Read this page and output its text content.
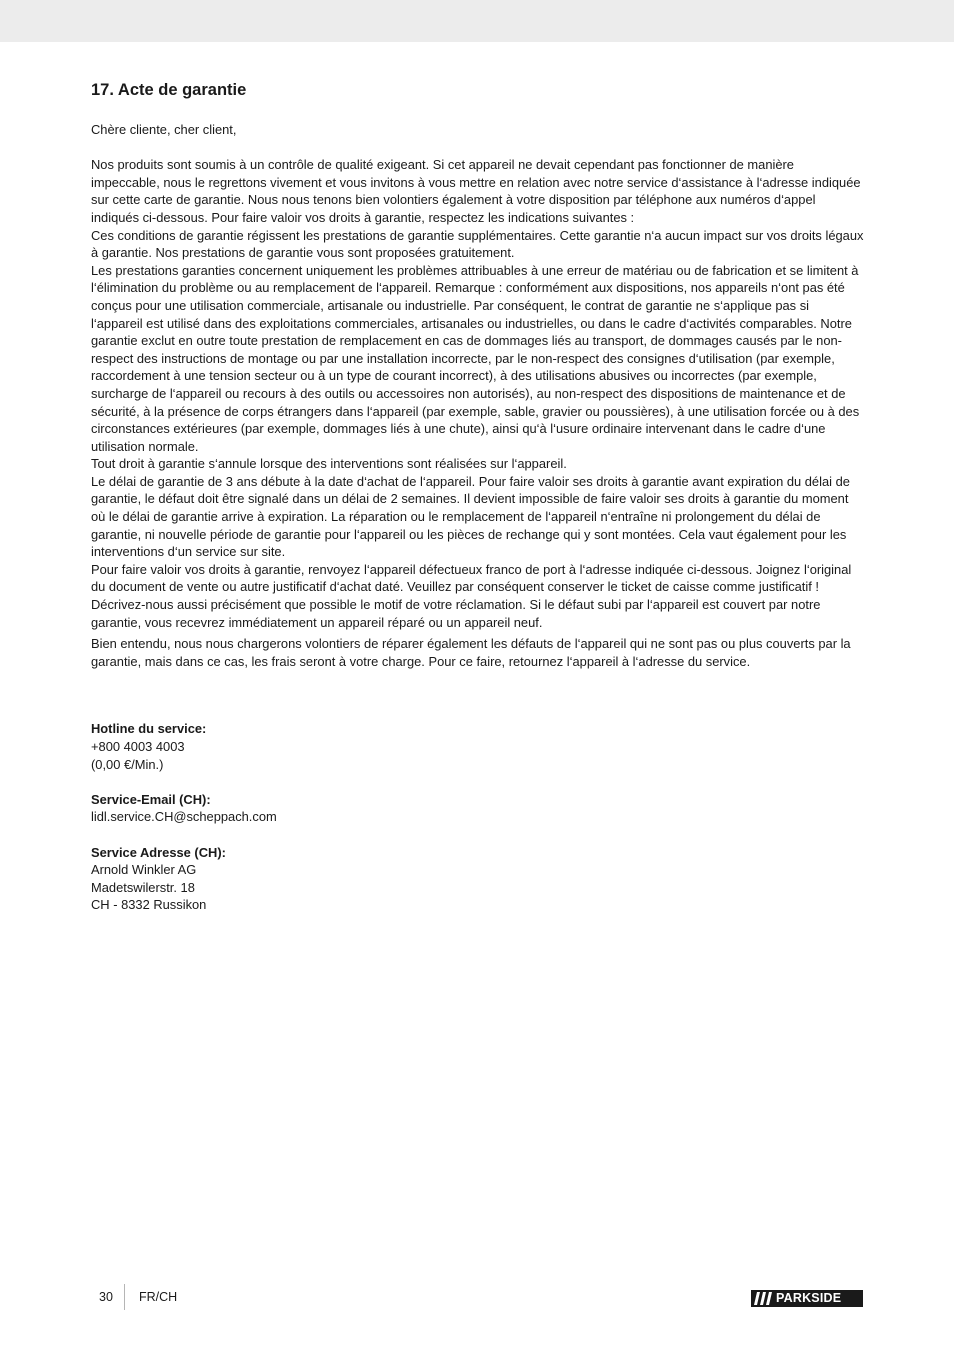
17. Acte de garantie

Chère cliente, cher client,

Nos produits sont soumis à un contrôle de qualité exigeant. Si cet appareil ne devait cependant pas fonctionner de manière impeccable, nous le regrettons vivement et vous invitons à vous mettre en relation avec notre service d‘assistance à l‘adresse indiquée sur cette carte de garantie. Nous nous tenons bien volontiers également à votre disposition par téléphone aux numéros d‘appel indiqués ci-dessous. Pour faire valoir vos droits à garantie, respectez les indications suivantes :

Ces conditions de garantie régissent les prestations de garantie supplémentaires. Cette garantie n‘a aucun impact sur vos droits légaux à garantie. Nos prestations de garantie vous sont proposées gratuitement.

Les prestations garanties concernent uniquement les problèmes attribuables à une erreur de matériau ou de fabrication et se limitent à l‘élimination du problème ou au remplacement de l‘appareil. Remarque : conformément aux dispositions, nos appareils n‘ont pas été conçus pour une utilisation commerciale, artisanale ou industrielle. Par conséquent, le contrat de garantie ne s‘applique pas si l‘appareil est utilisé dans des exploitations commerciales, artisanales ou industrielles, ou dans le cadre d‘activités comparables. Notre garantie exclut en outre toute prestation de remplacement en cas de dommages liés au transport, de dommages causés par le non-respect des instructions de montage ou par une installation incorrecte, par le non-respect des consignes d‘utilisation (par exemple, raccordement à une tension secteur ou à un type de courant incorrect), à des utilisations abusives ou incorrectes (par exemple, surcharge de l‘appareil ou recours à des outils ou accessoires non autorisés), au non-respect des dispositions de maintenance et de sécurité, à la présence de corps étrangers dans l‘appareil (par exemple, sable, gravier ou poussières), à une utilisation forcée ou à des circonstances extérieures (par exemple, dommages liés à une chute), ainsi qu‘à l‘usure ordinaire intervenant dans le cadre d‘une utilisation normale.

Tout droit à garantie s‘annule lorsque des interventions sont réalisées sur l‘appareil.

Le délai de garantie de 3 ans débute à la date d‘achat de l‘appareil. Pour faire valoir ses droits à garantie avant expiration du délai de garantie, le défaut doit être signalé dans un délai de 2 semaines. Il devient impossible de faire valoir ses droits à garantie du moment où le délai de garantie arrive à expiration. La réparation ou le remplacement de l‘appareil n‘entraîne ni prolongement du délai de garantie, ni nouvelle période de garantie pour l‘appareil ou les pièces de rechange qui y sont montées. Cela vaut également pour les interventions d‘un service sur site.

Pour faire valoir vos droits à garantie, renvoyez l‘appareil défectueux franco de port à l‘adresse indiquée ci-dessous. Joignez l‘original du document de vente ou autre justificatif d‘achat daté. Veuillez par conséquent conserver le ticket de caisse comme justificatif ! Décrivez-nous aussi précisément que possible le motif de votre réclamation. Si le défaut subi par l‘appareil est couvert par notre garantie, vous recevrez immédiatement un appareil réparé ou un appareil neuf.

Bien entendu, nous nous chargerons volontiers de réparer également les défauts de l‘appareil qui ne sont pas ou plus couverts par la garantie, mais dans ce cas, les frais seront à votre charge. Pour ce faire, retournez l‘appareil à l‘adresse du service.

Hotline du service:
+800 4003 4003
(0,00 €/Min.)
Service-Email (CH):
lidl.service.CH@scheppach.com
Service Adresse (CH):
Arnold Winkler AG
Madetswilerstr. 18
CH - 8332 Russikon
30 FR/CH	PARKSIDE
